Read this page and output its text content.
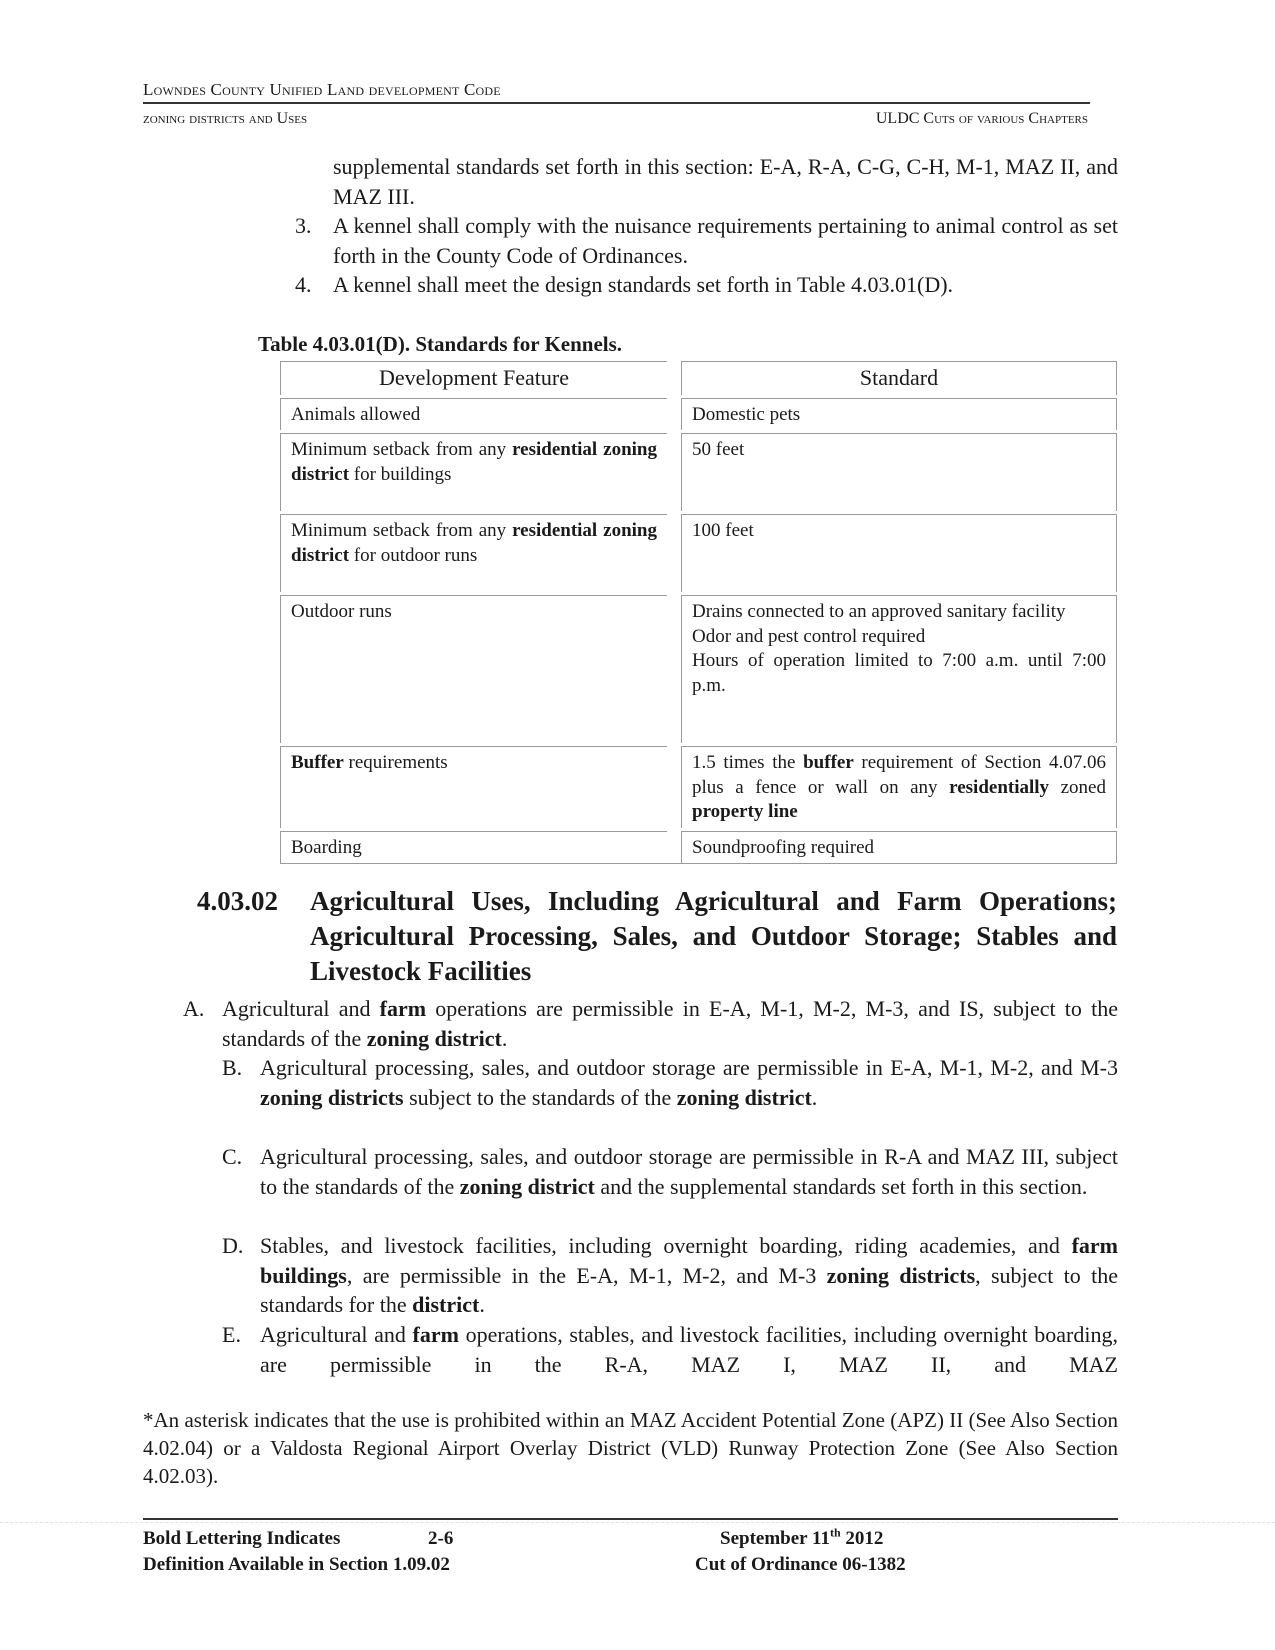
Lowndes County Unified Land development Code
zoning districts and Uses	ULDC Cuts of various Chapters
supplemental standards set forth in this section: E-A, R-A, C-G, C-H, M-1, MAZ II, and MAZ III.
3. A kennel shall comply with the nuisance requirements pertaining to animal control as set forth in the County Code of Ordinances.
4. A kennel shall meet the design standards set forth in Table 4.03.01(D).
Table 4.03.01(D). Standards for Kennels.
Development Feature		Standard
Animals allowed		Domestic pets
Minimum setback from any residential zoning district for buildings		50 feet
Minimum setback from any residential zoning district for outdoor runs		100 feet
Outdoor runs		Drains connected to an approved sanitary facility
Odor and pest control required
Hours of operation limited to 7:00 a.m. until 7:00 p.m.

Buffer requirements		1.5 times the buffer requirement of Section 4.07.06 plus a fence or wall on any residentially zoned property line
Boarding		Soundproofing required
4.03.02 Agricultural Uses, Including Agricultural and Farm Operations; Agricultural Processing, Sales, and Outdoor Storage; Stables and Livestock Facilities
A. Agricultural and farm operations are permissible in E-A, M-1, M-2, M-3, and IS, subject to the standards of the zoning district.
B. Agricultural processing, sales, and outdoor storage are permissible in E-A, M-1, M-2, and M-3 zoning districts subject to the standards of the zoning district.
C. Agricultural processing, sales, and outdoor storage are permissible in R-A and MAZ III, subject to the standards of the zoning district and the supplemental standards set forth in this section.
D. Stables, and livestock facilities, including overnight boarding, riding academies, and farm buildings, are permissible in the E-A, M-1, M-2, and M-3 zoning districts, subject to the standards for the district.
E. Agricultural and farm operations, stables, and livestock facilities, including overnight boarding, are permissible in the R-A, MAZ I, MAZ II, and MAZ
*An asterisk indicates that the use is prohibited within an MAZ Accident Potential Zone (APZ) II (See Also Section 4.02.04) or a Valdosta Regional Airport Overlay District (VLD) Runway Protection Zone (See Also Section 4.02.03).
Bold Lettering Indicates	2-6
Definition Available in Section 1.09.02
September 11th 2012
Cut of Ordinance 06-1382
